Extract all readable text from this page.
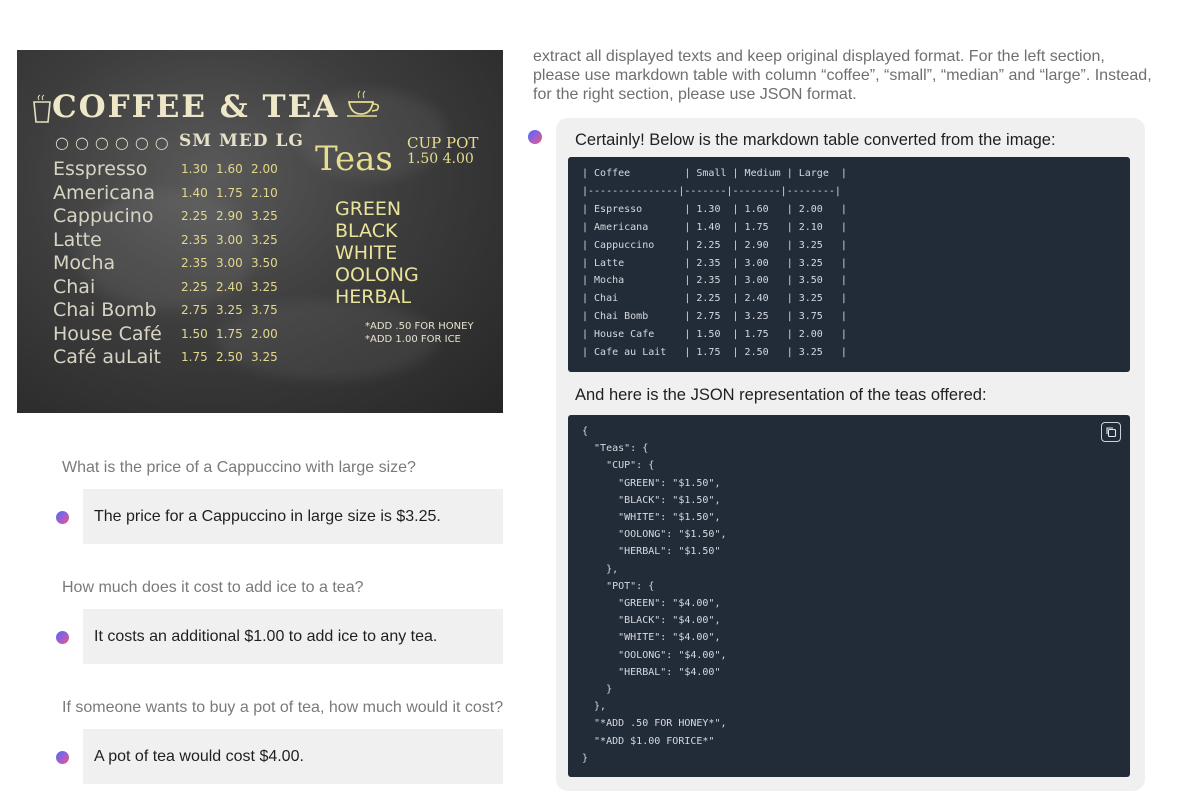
COFFEE & TEA
○○○○○○ SM MED LG Teas CUP POT
1.50 4.00
Esspresso
Americana
Cappucino
Latte
Mocha
Chai
Chai Bomb
House Café
Café auLait
1.30
1.40
2.25
2.35
2.35
2.25
2.75
1.50
1.75
1.60
1.75
2.90
3.00
3.00
2.40
3.25
1.75
2.50
2.00
2.10
3.25
3.25
3.50
3.25
3.75
2.00
3.25
GREEN
BLACK
WHITE
OOLONG
HERBAL
*ADD .50 FOR HONEY
*ADD 1.00 FOR ICE
What is the price of a Cappuccino with large size?
The price for a Cappuccino in large size is $3.25.
How much does it cost to add ice to a tea?
It costs an additional $1.00 to add ice to any tea.
If someone wants to buy a pot of tea, how much would it cost?
A pot of tea would cost $4.00.
extract all displayed texts and keep original displayed format. For the left section, please use markdown table with column “coffee”, “small”, “median” and “large”. Instead, for the right section, please use JSON format.
Certainly! Below is the markdown table converted from the image:
| Coffee         | Small | Medium | Large  |
|---------------|-------|--------|--------|
| Espresso       | 1.30  | 1.60   | 2.00   |
| Americana      | 1.40  | 1.75   | 2.10   |
| Cappuccino     | 2.25  | 2.90   | 3.25   |
| Latte          | 2.35  | 3.00   | 3.25   |
| Mocha          | 2.35  | 3.00   | 3.50   |
| Chai           | 2.25  | 2.40   | 3.25   |
| Chai Bomb      | 2.75  | 3.25   | 3.75   |
| House Cafe     | 1.50  | 1.75   | 2.00   |
| Cafe au Lait   | 1.75  | 2.50   | 3.25   |
And here is the JSON representation of the teas offered:
{
"Teas": {
"CUP": {
"GREEN": "$1.50",
"BLACK": "$1.50",
"WHITE": "$1.50",
"OOLONG": "$1.50",
"HERBAL": "$1.50"
},
"POT": {
"GREEN": "$4.00",
"BLACK": "$4.00",
"WHITE": "$4.00",
"OOLONG": "$4.00",
"HERBAL": "$4.00"
}
},
"*ADD .50 FOR HONEY*",
"*ADD $1.00 FORICE*"
}
